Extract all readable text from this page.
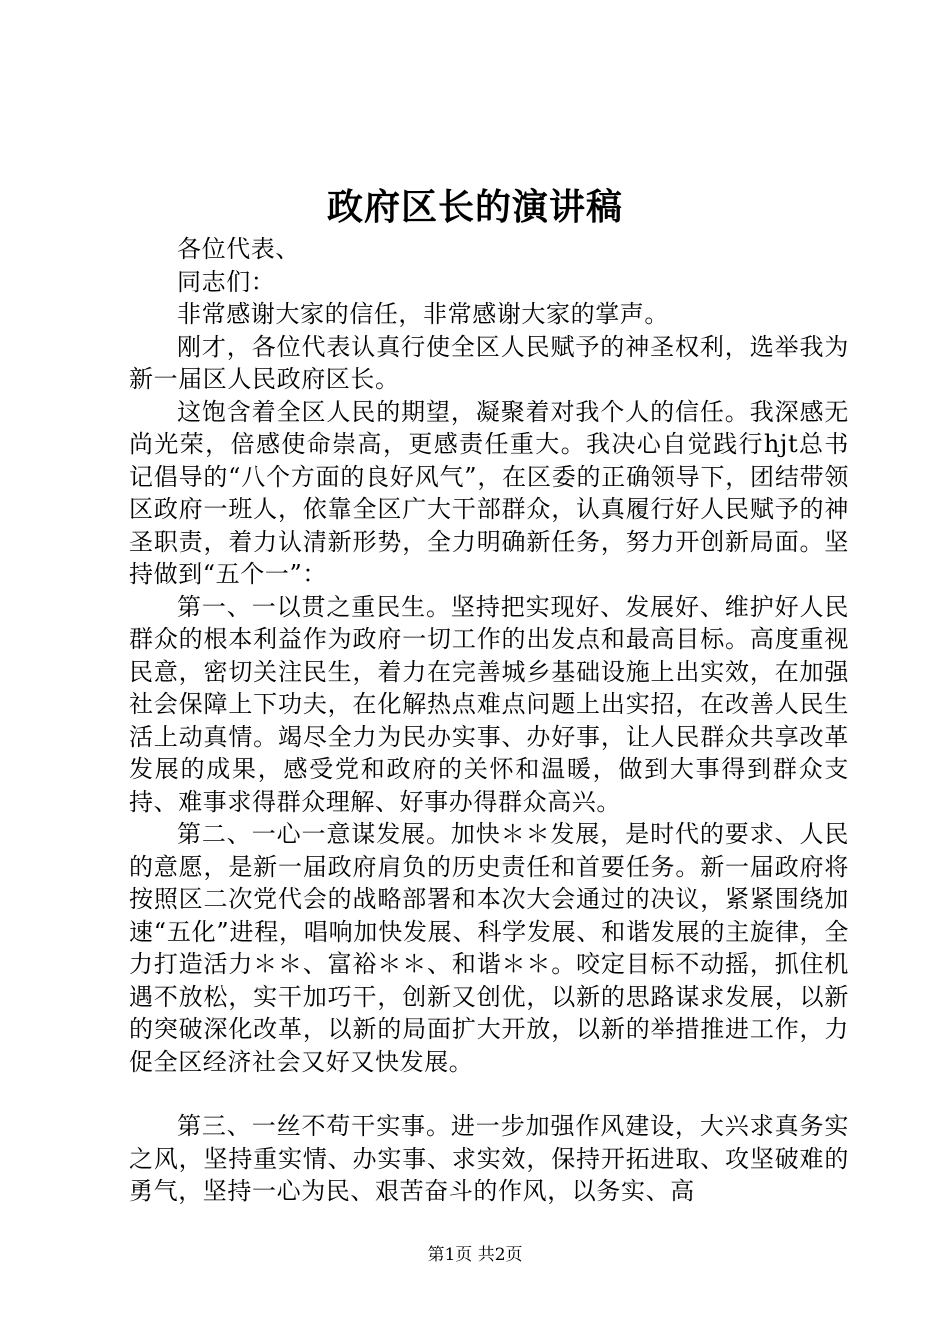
政府区长的演讲稿

各位代表、

同志们：

非常感谢大家的信任，非常感谢大家的掌声。

刚才，各位代表认真行使全区人民赋予的神圣权利，选举我为新一届区人民政府区长。

这饱含着全区人民的期望，凝聚着对我个人的信任。我深感无尚光荣，倍感使命崇高，更感责任重大。我决心自觉践行hjt总书记倡导的“八个方面的良好风气”，在区委的正确领导下，团结带领区政府一班人，依靠全区广大干部群众，认真履行好人民赋予的神圣职责，着力认清新形势，全力明确新任务，努力开创新局面。坚持做到“五个一”：

第一、一以贯之重民生。坚持把实现好、发展好、维护好人民群众的根本利益作为政府一切工作的出发点和最高目标。高度重视民意，密切关注民生，着力在完善城乡基础设施上出实效，在加强社会保障上下功夫，在化解热点难点问题上出实招，在改善人民生活上动真情。竭尽全力为民办实事、办好事，让人民群众共享改革发展的成果，感受党和政府的关怀和温暖，做到大事得到群众支持、难事求得群众理解、好事办得群众高兴。

第二、一心一意谋发展。加快＊＊发展，是时代的要求、人民的意愿，是新一届政府肩负的历史责任和首要任务。新一届政府将按照区二次党代会的战略部署和本次大会通过的决议，紧紧围绕加速“五化”进程，唱响加快发展、科学发展、和谐发展的主旋律，全力打造活力＊＊、富裕＊＊、和谐＊＊。咬定目标不动摇，抓住机遇不放松，实干加巧干，创新又创优，以新的思路谋求发展，以新的突破深化改革，以新的局面扩大开放，以新的举措推进工作，力促全区经济社会又好又快发展。

第三、一丝不苟干实事。进一步加强作风建设，大兴求真务实之风，坚持重实情、办实事、求实效，保持开拓进取、攻坚破难的勇气，坚持一心为民、艰苦奋斗的作风，以务实、高

第1页 共2页
